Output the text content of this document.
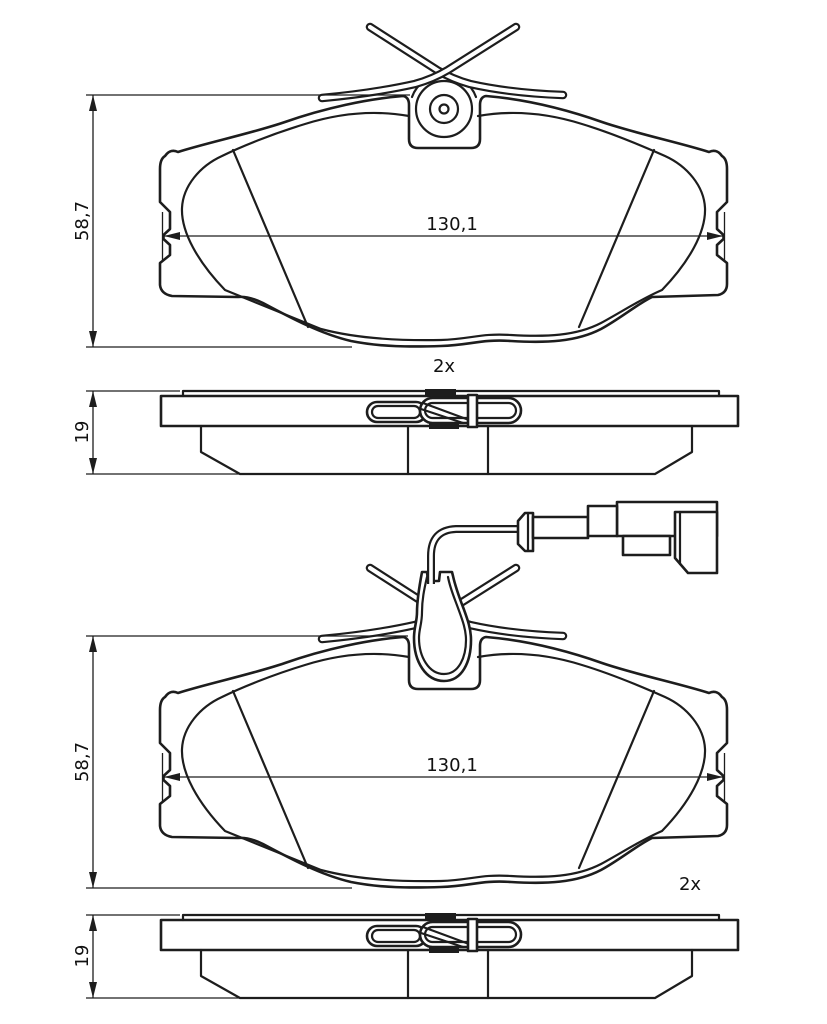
58,7	130,1
2x
19
58,7	130,1
2x
19
